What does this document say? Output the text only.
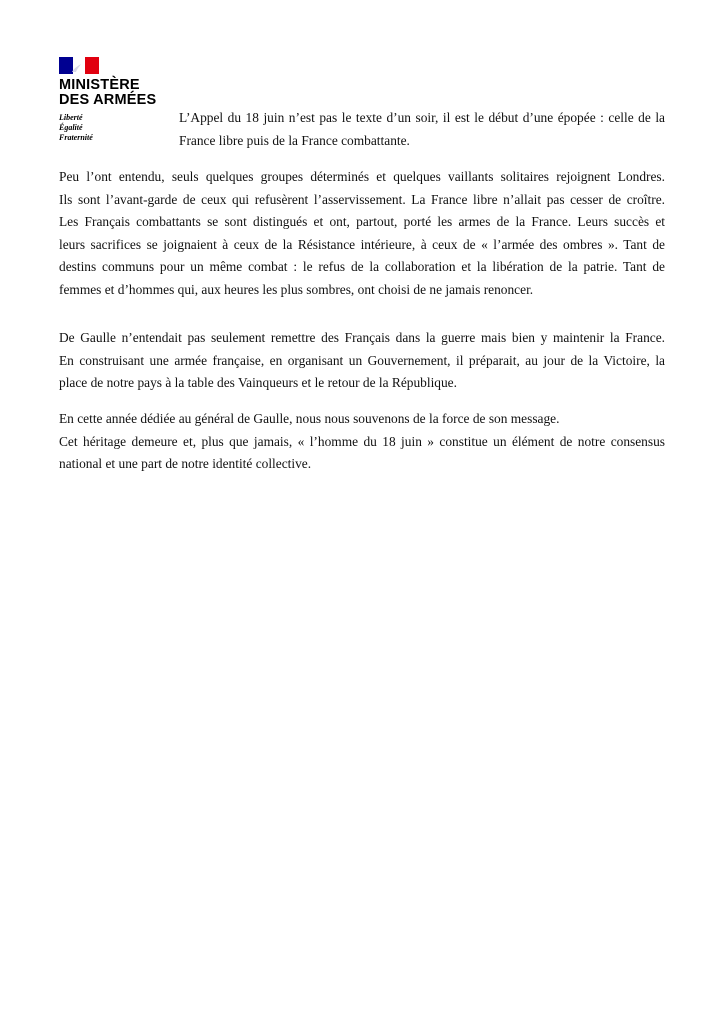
MINISTÈRE
DES ARMÉES
Liberté
Égalité
Fraternité

L’Appel du 18 juin n’est pas le texte d’un soir, il est le début d’une épopée : celle de la
France libre puis de la France combattante.

Peu l’ont entendu, seuls quelques groupes déterminés et quelques vaillants solitaires rejoignent Londres.
Ils sont l’avant-garde de ceux qui refusèrent l’asservissement. La France libre n’allait pas cesser de croître.
Les Français combattants se sont distingués et ont, partout, porté les armes de la France. Leurs succès et
leurs sacrifices se joignaient à ceux de la Résistance intérieure, à ceux de « l’armée des ombres ». Tant de
destins communs pour un même combat : le refus de la collaboration et la libération de la patrie. Tant de
femmes et d’hommes qui, aux heures les plus sombres, ont choisi de ne jamais renoncer.

De Gaulle n’entendait pas seulement remettre des Français dans la guerre mais bien y maintenir la France.
En construisant une armée française, en organisant un Gouvernement, il préparait, au jour de la Victoire, la
place de notre pays à la table des Vainqueurs et le retour de la République.

En cette année dédiée au général de Gaulle, nous nous souvenons de la force de son message.
Cet héritage demeure et, plus que jamais, « l’homme du 18 juin » constitue un élément de notre consensus
national et une part de notre identité collective.
